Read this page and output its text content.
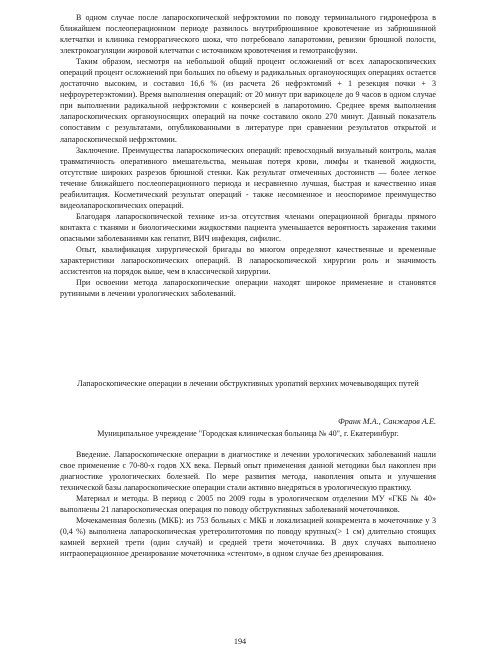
В одном случае после лапароскопической нефрэктомии по поводу терминального гидронефроза в ближайшем послеоперационном периоде развилось внутрибрюшинное кровотечение из забрюшинной клетчатки и клиника геморрагического шока, что потребовало лапаротомии, ревизии брюшной полости, электрокоагуляции жировой клетчатки с источником кровотечения и гемотрансфузии.

Таким образом, несмотря на небольшой общий процент осложнений от всех лапароскопических операций процент осложнений при больших по объему и радикальных органоуносящих операциях остается достаточно высоким, и составил 16,6 % (из расчета 26 нефрэктомий + 1 резекция почки + 3 нефроуретерэктомии). Время выполнения операций: от 20 минут при варикоцеле до 9 часов в одном случае при выполнении радикальной нефрэктомии с конверсией в лапаротомию. Среднее время выполнения лапароскопических органоуносящих операций на почке составило около 270 минут. Данный показатель сопоставим с результатами, опубликованными в литературе при сравнении результатов открытой и лапароскопической нефрэктомии.

Заключение. Преимущества лапароскопических операций: превосходный визуальный контроль, малая травматичность оперативного вмешательства, меньшая потеря крови, лимфы и тканевой жидкости, отсутствие широких разрезов брюшной стенки. Как результат отмеченных достоинств — более легкое течение ближайшего послеоперационного периода и несравненно лучшая, быстрая и качественно иная реабилитация. Косметический результат операций - также несомненное и неоспоримое преимущество видеолапароскопических операций.

Благодаря лапароскопической технике из-за отсутствия членами операционной бригады прямого контакта с тканями и биологическими жидкостями пациента уменьшается вероятность заражения такими опасными заболеваниями как гепатит, ВИЧ инфекция, сифилис.

Опыт, квалификация хирургической бригады во многом определяют качественные и временные характеристики лапароскопических операций. В лапароскопической хирургии роль и значимость ассистентов на порядок выше, чем в классической хирургии.

При освоении метода лапароскопические операции находят широкое применение и становятся рутинными в лечении урологических заболеваний.

Лапароскопические операции в лечении обструктивных уропатий верхних мочевыводящих путей

Франк М.А., Санжаров А.Е.

Муниципальное учреждение "Городская клиническая больница № 40", г. Екатеринбург.

Введение. Лапароскопические операции в диагностике и лечении урологических заболеваний нашли свое применение с 70-80-х годов XX века. Первый опыт применения данной методики был накоплен при диагностике урологических болезней. По мере развития метода, накопления опыта и улучшения технической базы лапароскопические операции стали активно внедряться в урологическую практику.

Материал и методы. В период с 2005 по 2009 годы в урологическом отделении МУ «ГКБ № 40» выполнены 21 лапароскопическая операция по поводу обструктивных заболеваний мочеточников.

Мочекаменная болезнь (МКБ): из 753 больных с МКБ и локализацией конкремента в мочеточнике у 3 (0,4 %) выполнена лапароскопическая уретеролитотомия по поводу крупных(> 1 см) длительно стоящих камней верхней трети (один случай) и средней трети мочеточника. В двух случаях выполнено интраоперационное дренирование мочеточника «стентом», в одном случае без дренирования.

194
